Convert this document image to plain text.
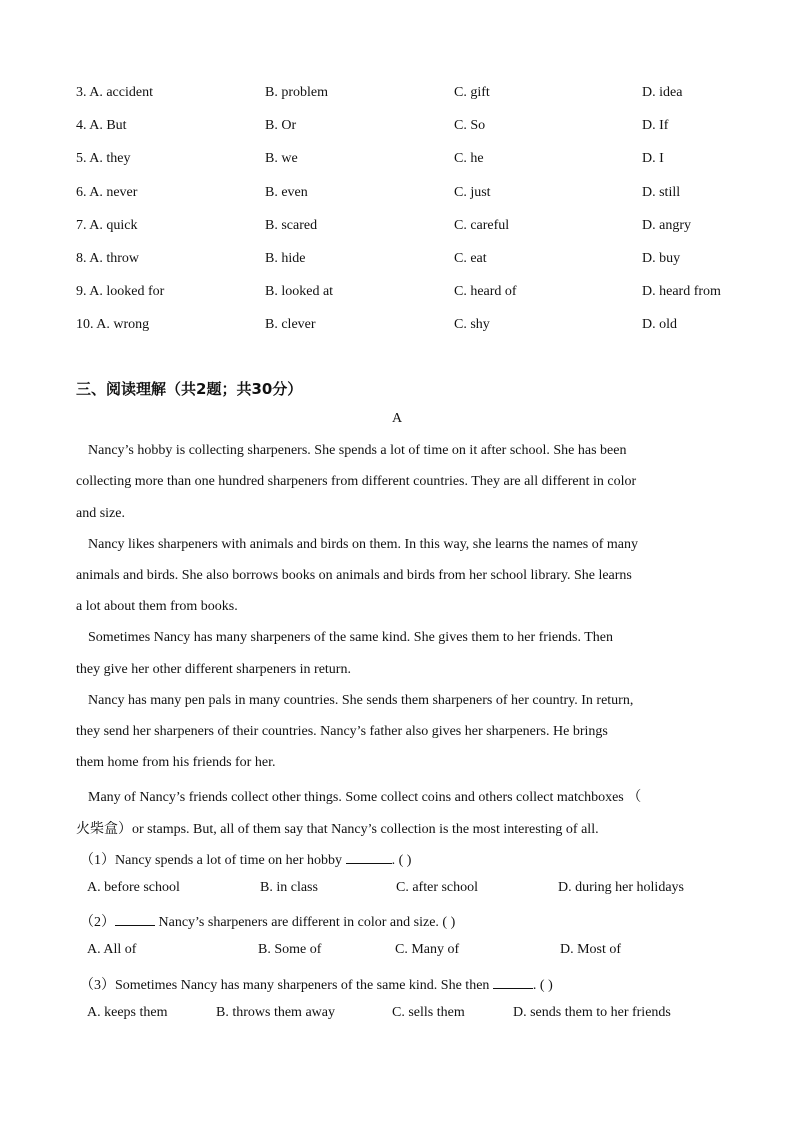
3. A. accident	B. problem	C. gift	D. idea
4. A. But	B. Or	C. So	D. If
5. A. they	B. we	C. he	D. I
6. A. never	B. even	C. just	D. still
7. A. quick	B. scared	C. careful	D. angry
8. A. throw	B. hide	C. eat	D. buy
9. A. looked for	B. looked at	C. heard of	D. heard from
10. A. wrong	B. clever	C. shy	D. old
三、阅读理解（共2题；共30分）
A
Nancy’s hobby is collecting sharpeners. She spends a lot of time on it after school. She has been
collecting more than one hundred sharpeners from different countries. They are all different in color
and size.
Nancy likes sharpeners with animals and birds on them. In this way, she learns the names of many
animals and birds. She also borrows books on animals and birds from her school library. She learns
a lot about them from books.
Sometimes Nancy has many sharpeners of the same kind. She gives them to her friends. Then
they give her other different sharpeners in return.
Nancy has many pen pals in many countries. She sends them sharpeners of her country. In return,
they send her sharpeners of their countries. Nancy’s father also gives her sharpeners. He brings
them home from his friends for her.
Many of Nancy’s friends collect other things. Some collect coins and others collect matchboxes （
火柴盒）or stamps. But, all of them say that Nancy’s collection is the most interesting of all.
（1）Nancy spends a lot of time on her hobby	. ( )
A. before school	B. in class	C. after school	D. during her holidays
（2）	Nancy’s sharpeners are different in color and size. ( )
A. All of	B. Some of	C. Many of	D. Most of
（3）Sometimes Nancy has many sharpeners of the same kind. She then	. ( )
A. keeps them	B. throws them away	C. sells them	D. sends them to her friends
